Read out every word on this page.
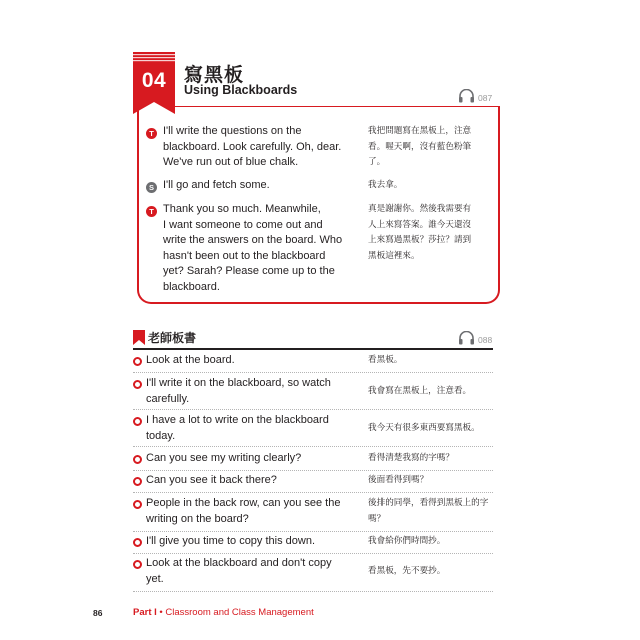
04 寫黑板
Using Blackboards
087
T I'll write the questions on the
blackboard. Look carefully. Oh, dear.
We've run out of blue chalk.
我把問題寫在黑板上，注意
看。喔天啊，沒有藍色粉筆
了。
S I'll go and fetch some.	我去拿。
T Thank you so much. Meanwhile,
I want someone to come out and
write the answers on the board. Who
hasn't been out to the blackboard
yet? Sarah? Please come up to the
blackboard.
真是謝謝你。然後我需要有
人上來寫答案。誰今天還沒
上來寫過黑板？莎拉？請到
黑板這裡來。
老師板書	088
Look at the board.	看黑板。
I'll write it on the blackboard, so watch
carefully.
我會寫在黑板上，注意看。
I have a lot to write on the blackboard
today.
我今天有很多東西要寫黑板。
Can you see my writing clearly?	看得清楚我寫的字嗎？
Can you see it back there?	後面看得到嗎？
People in the back row, can you see the
writing on the board?
後排的同學，看得到黑板上的字
嗎？
I'll give you time to copy this down.	我會給你們時間抄。
Look at the blackboard and don't copy
yet.
看黑板，先不要抄。
86	Part I • Classroom and Class Management
